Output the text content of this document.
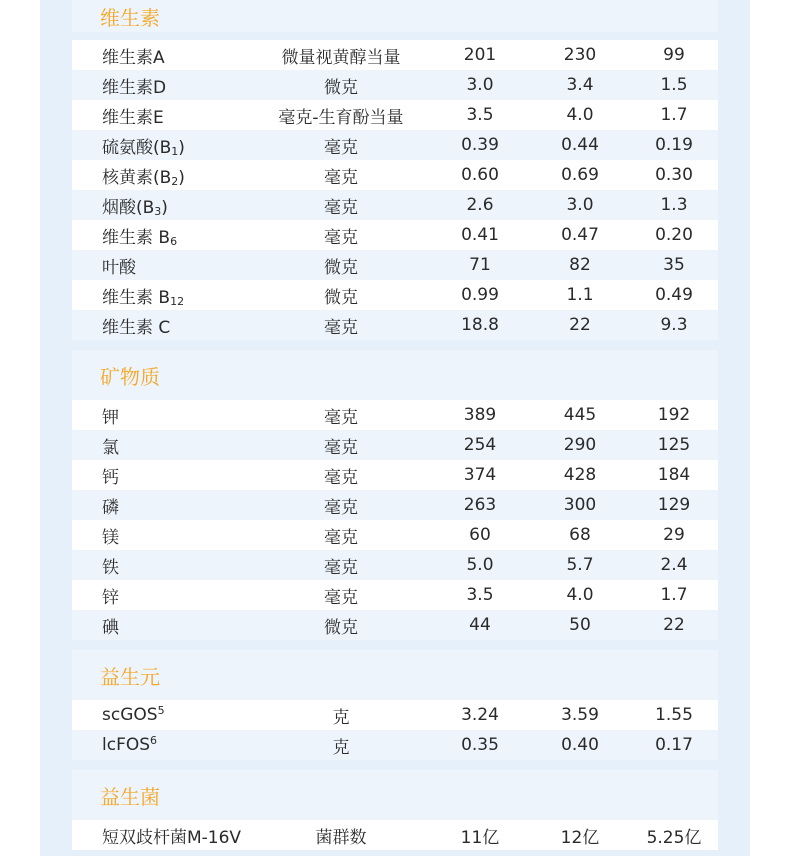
维生素
维生素A	微量视黄醇当量	201	230	99
维生素D	微克	3.0	3.4	1.5
维生素E	毫克-生育酚当量	3.5	4.0	1.7
硫氨酸$(B_1)$	毫克	0.39	0.44	0.19
核黄素$(B_2)$	毫克	0.60	0.69	0.30
烟酸$(B_3)$	毫克	2.6	3.0	1.3
维生素 $B_6$	毫克	0.41	0.47	0.20
叶酸	微克	71	82	35
维生素 $B_{12}$	微克	0.99	1.1	0.49
维生素 C	毫克	18.8	22	9.3
矿物质
钾	毫克	389	445	192
氯	毫克	254	290	125
钙	毫克	374	428	184
磷	毫克	263	300	129
镁	毫克	60	68	29
铁	毫克	5.0	5.7	2.4
锌	毫克	3.5	4.0	1.7
碘	微克	44	50	22
益生元
scGOS$^5$	克	3.24	3.59	1.55
lcFOS$^6$	克	0.35	0.40	0.17
益生菌
短双歧杆菌M-16V	菌群数	11亿	12亿	5.25亿
